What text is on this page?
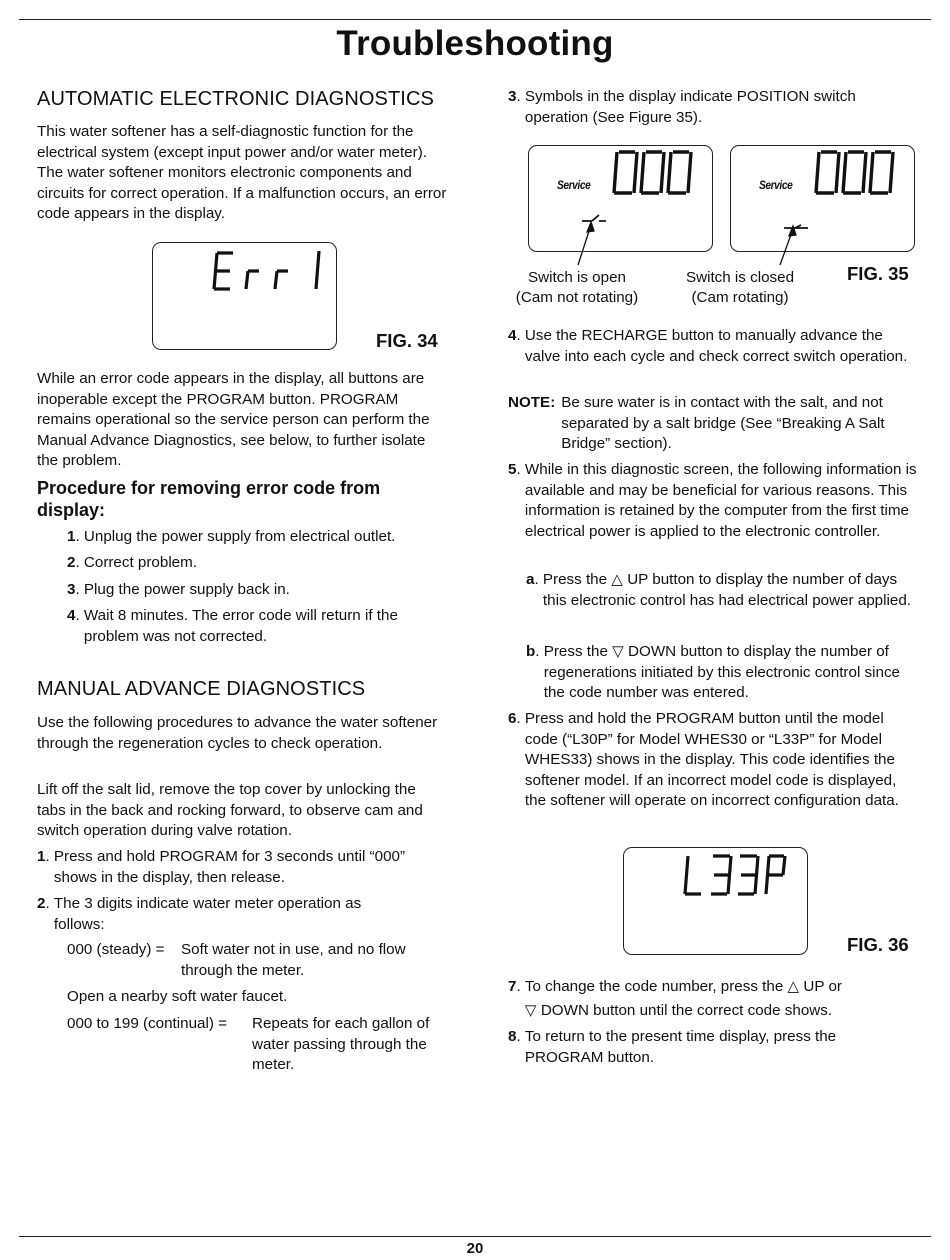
Troubleshooting
AUTOMATIC ELECTRONIC DIAGNOSTICS

This water softener has a self-diagnostic function for the electrical system (except input power and/or water meter). The water softener monitors electronic components and circuits for correct operation. If a malfunction occurs, an error code appears in the display.

FIG. 34

While an error code appears in the display, all buttons are inoperable except the PROGRAM button. PROGRAM remains operational so the service person can perform the Manual Advance Diagnostics, see below, to further isolate the problem.

Procedure for removing error code from display:
1. Unplug the power supply from electrical outlet.
2. Correct problem.
3. Plug the power supply back in.
4. Wait 8 minutes. The error code will return if the problem was not corrected.
MANUAL ADVANCE DIAGNOSTICS

Use the following procedures to advance the water softener through the regeneration cycles to check operation.

Lift off the salt lid, remove the top cover by unlocking the tabs in the back and rocking forward, to observe cam and switch operation during valve rotation.

1. Press and hold PROGRAM for 3 seconds until “000” shows in the display, then release.
2. The 3 digits indicate water meter operation as follows:
000 (steady) = Soft water not in use, and no flow through the meter.
Open a nearby soft water faucet.
000 to 199 (continual) = Repeats for each gallon of water passing through the meter.
3. Symbols in the display indicate POSITION switch operation (See Figure 35).
Service	Service
Switch is open
(Cam not rotating)
Switch is closed
(Cam rotating)
FIG. 35
4. Use the RECHARGE button to manually advance the valve into each cycle and check correct switch operation.
NOTE: Be sure water is in contact with the salt, and not separated by a salt bridge (See “Breaking A Salt Bridge” section).
5. While in this diagnostic screen, the following information is available and may be beneficial for various reasons. This information is retained by the computer from the first time electrical power is applied to the electronic controller.
a. Press the △ UP button to display the number of days this electronic control has had electrical power applied.
b. Press the ▽ DOWN button to display the number of regenerations initiated by this electronic control since the code number was entered.
6. Press and hold the PROGRAM button until the model code (“L30P” for Model WHES30 or “L33P” for Model WHES33) shows in the display. This code identifies the softener model. If an incorrect model code is displayed, the softener will operate on incorrect configuration data.
FIG. 36
7. To change the code number, press the △ UP or
▽ DOWN button until the correct code shows.
8. To return to the present time display, press the PROGRAM button.
20
